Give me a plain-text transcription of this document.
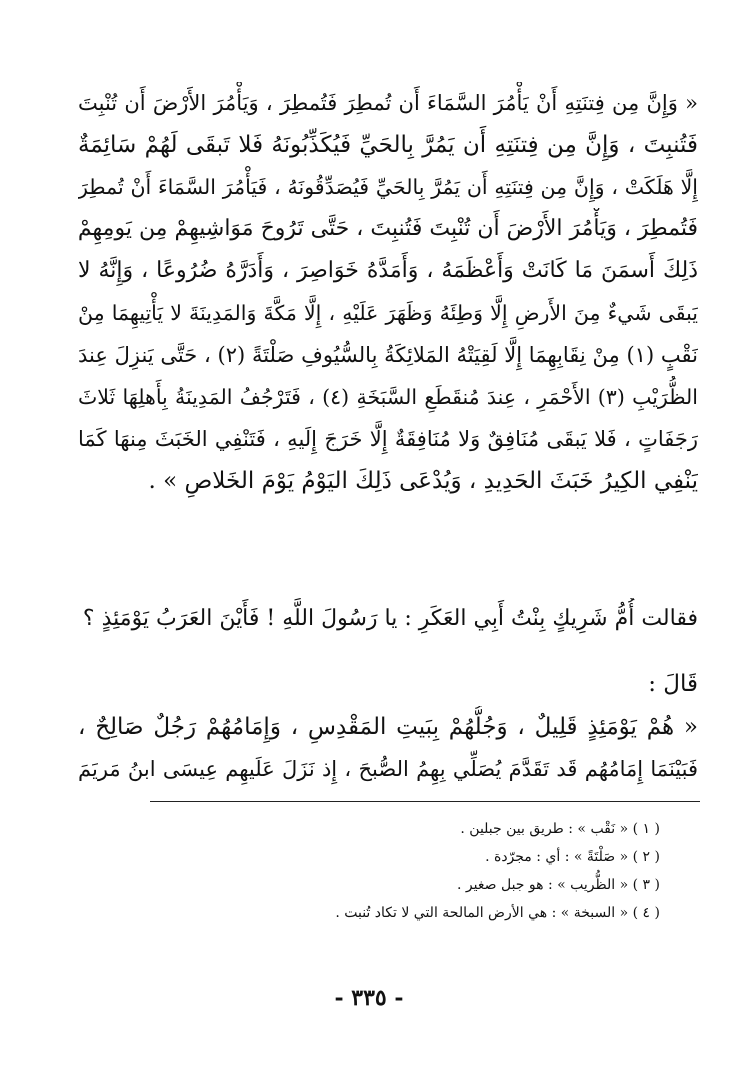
« وَإِنَّ مِن فِتنَتِهِ أَنْ يَأْمُرَ السَّمَاءَ أَن تُمطِرَ فَتُمطِرَ ، وَيَأْمُرَ الأَرْضَ أَن تُنْبِتَ
فَتُنبِتَ ، وَإِنَّ مِن فِتنَتِهِ أَن يَمُرَّ بِالحَيِّ فَيُكَذِّبُونَهُ فَلا تَبقَى لَهُمْ سَائِمَةٌ
إِلَّا هَلَكَتْ ، وَإِنَّ مِن فِتنَتِهِ أَن يَمُرَّ بِالحَيِّ فَيُصَدِّقُونَهُ ، فَيَأْمُرَ السَّمَاءَ أَنْ تُمطِرَ
فَتُمطِرَ ، وَيَأْمُرَ الأَرْضَ أَن تُنْبِتَ فَتُنبِتَ ، حَتَّى تَرُوحَ مَوَاشِيهِمْ مِن يَومِهِمْ
ذَلِكَ أَسمَنَ مَا كَانَتْ وَأَعْظَمَهُ ، وَأَمَدَّهُ خَوَاصِرَ ، وَأَدَرَّهُ ضُرُوعًا ، وَإِنَّهُ لا
يَبقَى شَيءٌ مِنَ الأَرضِ إِلَّا وَطِئَهُ وَظَهَرَ عَلَيْهِ ، إِلَّا مَكَّةَ وَالمَدِينَةَ لا يَأْتِيهِمَا مِنْ
نَقْبٍ (١) مِنْ نِقَابِهِمَا إِلَّا لَقِيَتْهُ المَلائِكَةُ بِالسُّيُوفِ صَلْتَةً (٢) ، حَتَّى يَنزِلَ عِندَ
الظُّرَيْبِ (٣) الأَحْمَرِ ، عِندَ مُنقَطَعِ السَّبَخَةِ (٤) ، فَتَرْجُفُ المَدِينَةُ بِأَهلِهَا ثَلاثَ
رَجَفَاتٍ ، فَلا يَبقَى مُنَافِقٌ وَلا مُنَافِقَةٌ إِلَّا خَرَجَ إِلَيهِ ، فَتَنْفِي الخَبَثَ مِنهَا كَمَا
يَنْفِي الكِيرُ خَبَثَ الحَدِيدِ ، وَيُدْعَى ذَلِكَ اليَوْمُ يَوْمَ الخَلاصِ » .
فقالت أُمُّ شَرِيكٍ بِنْتُ أَبِي العَكَرِ : يا رَسُولَ اللَّهِ ! فَأَيْنَ العَرَبُ يَوْمَئِذٍ ؟
قَالَ :
« هُمْ يَوْمَئِذٍ قَلِيلٌ ، وَجُلُّهُمْ بِبَيتِ المَقْدِسِ ، وَإِمَامُهُمْ رَجُلٌ صَالِحٌ ،
فَبَيْنَمَا إِمَامُهُم قَد تَقَدَّمَ يُصَلِّي بِهِمُ الصُّبحَ ، إِذ نَزَلَ عَلَيهِم عِيسَى ابنُ مَريَمَ
( ١ ) « نَقْب » : طريق بين جبلين .
( ٢ ) « صَلْتَةً » : أي : مجرّدة .
( ٣ ) « الظُّريب » : هو جبل صغير .
( ٤ ) « السبخة » : هي الأرض المالحة التي لا تكاد تُنبت .
- ٣٣٥ -
